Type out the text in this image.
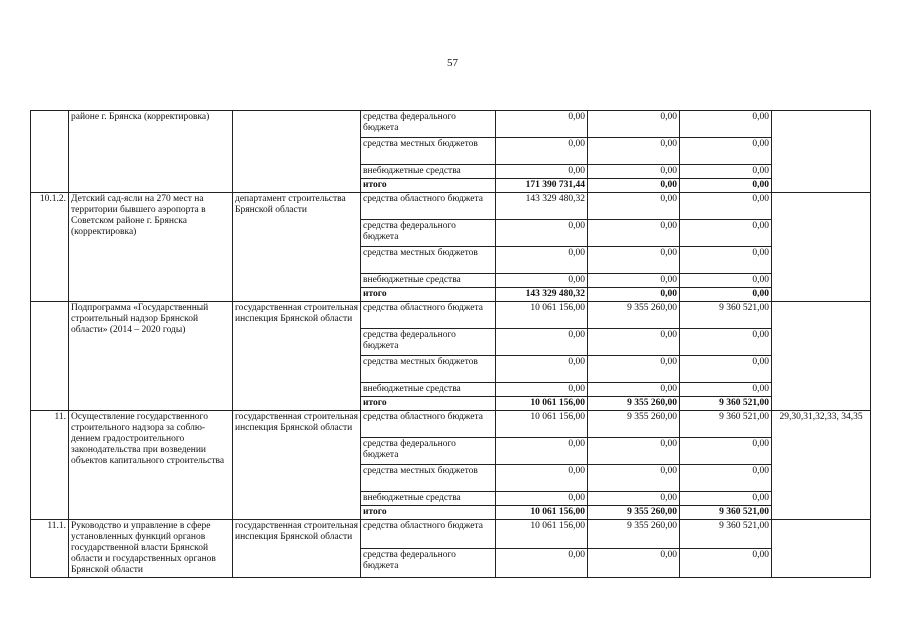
57
	районе г. Брянска (корректировка)		средства федерального бюджета	0,00	0,00	0,00	
			средства местных бюджетов	0,00	0,00	0,00	
			внебюджетные средства	0,00	0,00	0,00	
			итого	171 390 731,44	0,00	0,00	
10.1.2.	Детский сад-ясли на 270 мест на территории бывшего аэропорта в Советском районе г. Брянска (корректировка)	департамент строительства Брянской области	средства областного бюджета	143 329 480,32	0,00	0,00	
			средства федерального бюджета	0,00	0,00	0,00	
			средства местных бюджетов	0,00	0,00	0,00	
			внебюджетные средства	0,00	0,00	0,00	
			итого	143 329 480,32	0,00	0,00	
	Подпрограмма «Государственный строительный надзор Брянской области» (2014 – 2020 годы)	государственная строительная инспекция Брянской области	средства областного бюджета	10 061 156,00	9 355 260,00	9 360 521,00	
			средства федерального бюджета	0,00	0,00	0,00	
			средства местных бюджетов	0,00	0,00	0,00	
			внебюджетные средства	0,00	0,00	0,00	
			итого	10 061 156,00	9 355 260,00	9 360 521,00	
11.	Осуществление государственного строительного надзора за соблю-дением градостроительного законодательства при возведении объектов капитального строительства	государственная строительная инспекция Брянской области	средства областного бюджета	10 061 156,00	9 355 260,00	9 360 521,00	29,30,31,32,33, 34,35
			средства федерального бюджета	0,00	0,00	0,00	
			средства местных бюджетов	0,00	0,00	0,00	
			внебюджетные средства	0,00	0,00	0,00	
			итого	10 061 156,00	9 355 260,00	9 360 521,00	
11.1.	Руководство и управление в сфере установленных функций органов государственной власти Брянской области и государственных органов Брянской области	государственная строительная инспекция Брянской области	средства областного бюджета	10 061 156,00	9 355 260,00	9 360 521,00	
			средства федерального бюджета	0,00	0,00	0,00	
